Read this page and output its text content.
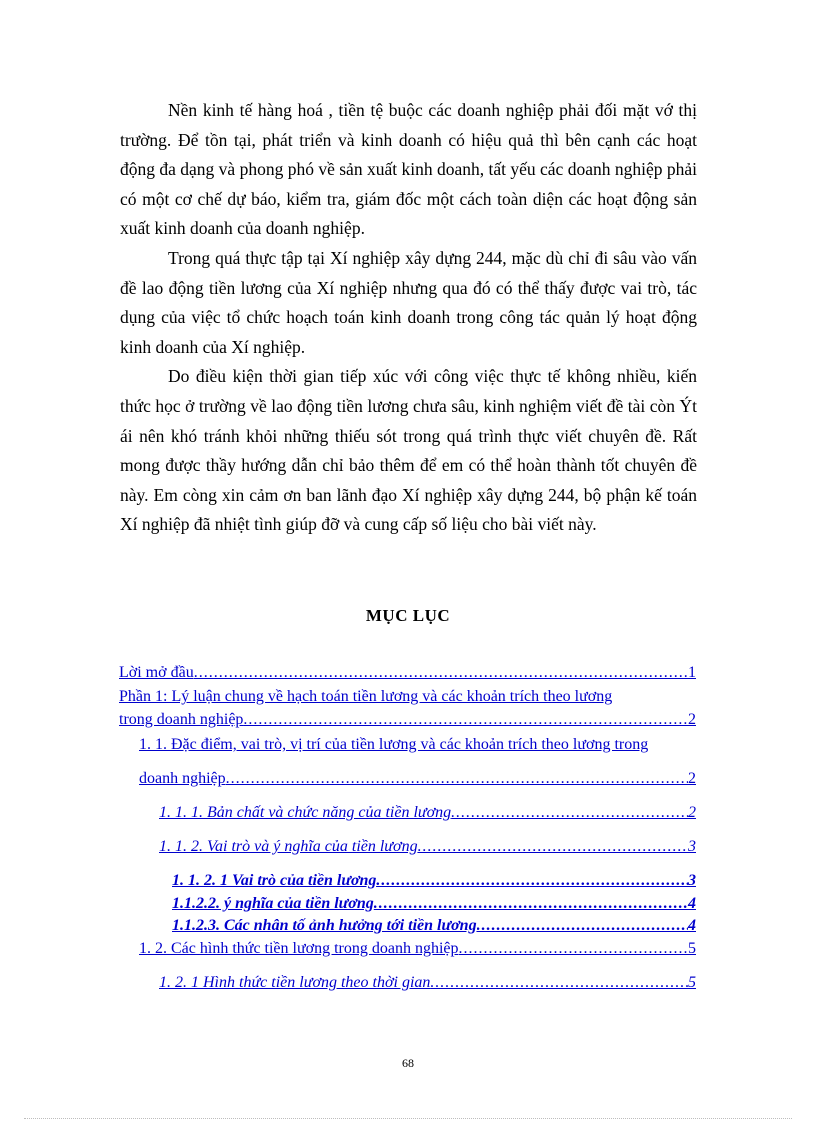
Nền kinh tế hàng hoá , tiền tệ buộc các doanh nghiệp phải đối mặt vớ thị trường. Để tồn tại, phát triển và kinh doanh có hiệu quả thì bên cạnh các hoạt động đa dạng và phong phó về sản xuất kinh doanh, tất yếu các doanh nghiệp phải có một cơ chế dự báo, kiểm tra, giám đốc một cách toàn diện các hoạt động sản xuất kinh doanh của doanh nghiệp.

Trong quá thực tập tại Xí nghiệp xây dựng 244, mặc dù chỉ đi sâu vào vấn đề lao động tiền lương của Xí nghiệp nhưng qua đó có thể thấy được vai trò, tác dụng của việc tổ chức hoạch toán kinh doanh trong công tác quản lý hoạt động kinh doanh của Xí nghiệp.

Do điều kiện thời gian tiếp xúc với công việc thực tế không nhiều, kiến thức học ở trường về lao động tiền lương chưa sâu, kinh nghiệm viết đề tài còn Ýt ái nên khó tránh khỏi những thiếu sót trong quá trình thực viết chuyên đề. Rất mong được thầy hướng dẫn chỉ bảo thêm để em có thể hoàn thành tốt chuyên đề này. Em còng xin cảm ơn ban lãnh đạo Xí nghiệp xây dựng 244, bộ phận kế toán Xí nghiệp đã nhiệt tình giúp đỡ và cung cấp số liệu cho bài viết này.

MỤC LỤC
Lời mở đầu .....	1
Phần 1: Lý luận chung về hạch toán tiền lương và các khoản trích theo lương
trong doanh nghiệp .....	2
1. 1. Đặc điểm, vai trò, vị trí của tiền lương và các khoản trích theo lương trong
doanh nghiệp .....	2
1. 1. 1. Bản chất và chức năng của tiền lương .....	2
1. 1. 2. Vai trò và ý nghĩa của tiền lương .....	3
1. 1. 2. 1 Vai trò của tiền lương .....	3
1.1.2.2. ý nghĩa của tiền lương .....	4
1.1.2.3. Các nhân tố ảnh hưởng tới tiền lương .....	4
1. 2. Các hình thức tiền lương trong doanh nghiệp .....	5
1. 2. 1 Hình thức tiền lương theo thời gian .....	5
68
